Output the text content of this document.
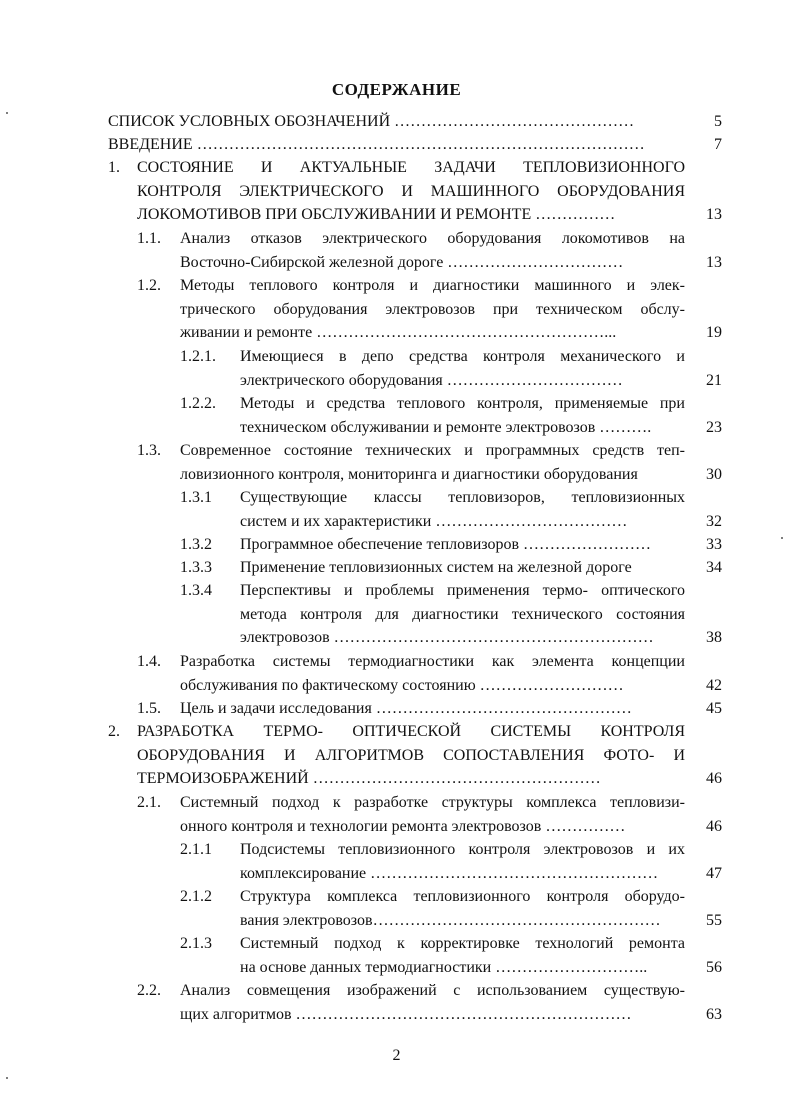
СОДЕРЖАНИЕ
СПИСОК УСЛОВНЫХ ОБОЗНАЧЕНИЙ ………………………………………	5
ВВЕДЕНИЕ …………………………………………………………………………	7
1. СОСТОЯНИЕ И АКТУАЛЬНЫЕ ЗАДАЧИ ТЕПЛОВИЗИОННОГО
КОНТРОЛЯ ЭЛЕКТРИЧЕСКОГО И МАШИННОГО ОБОРУДОВАНИЯ
ЛОКОМОТИВОВ ПРИ ОБСЛУЖИВАНИИ И РЕМОНТЕ ……………	13
1.1. Анализ отказов электрического оборудования локомотивов на
Восточно-Сибирской железной дороге ……………………………	13
1.2. Методы теплового контроля и диагностики машинного и элек-
трического оборудования электровозов при техническом обслу-
живании и ремонте ………………………………………………...	19
1.2.1. Имеющиеся в депо средства контроля механического и
электрического оборудования ……………………………	21
1.2.2. Методы и средства теплового контроля, применяемые при
техническом обслуживании и ремонте электровозов ……….	23
1.3. Современное состояние технических и программных средств теп-
ловизионного контроля, мониторинга и диагностики оборудования	30
1.3.1 Существующие классы тепловизоров, тепловизионных
систем и их характеристики ………………………………	32
1.3.2 Программное обеспечение тепловизоров ……………………	33
1.3.3 Применение тепловизионных систем на железной дороге	34
1.3.4 Перспективы и проблемы применения термо- оптического
метода контроля для диагностики технического состояния
электровозов ……………………………………………………	38
1.4. Разработка системы термодиагностики как элемента концепции
обслуживания по фактическому состоянию ………………………	42
1.5. Цель и задачи исследования …………………………………………	45
2. РАЗРАБОТКА ТЕРМО- ОПТИЧЕСКОЙ СИСТЕМЫ КОНТРОЛЯ
ОБОРУДОВАНИЯ И АЛГОРИТМОВ СОПОСТАВЛЕНИЯ ФОТО- И
ТЕРМОИЗОБРАЖЕНИЙ ………………………………………………	46
2.1. Системный подход к разработке структуры комплекса тепловизи-
онного контроля и технологии ремонта электровозов ……………	46
2.1.1 Подсистемы тепловизионного контроля электровозов и их
комплексирование ………………………………………………	47
2.1.2 Структура комплекса тепловизионного контроля оборудо-
вания электровозов………………………………………………	55
2.1.3 Системный подход к корректировке технологий ремонта
на основе данных термодиагностики ………………………..	56
2.2. Анализ совмещения изображений с использованием существую-
щих алгоритмов ………………………………………………………	63
2
